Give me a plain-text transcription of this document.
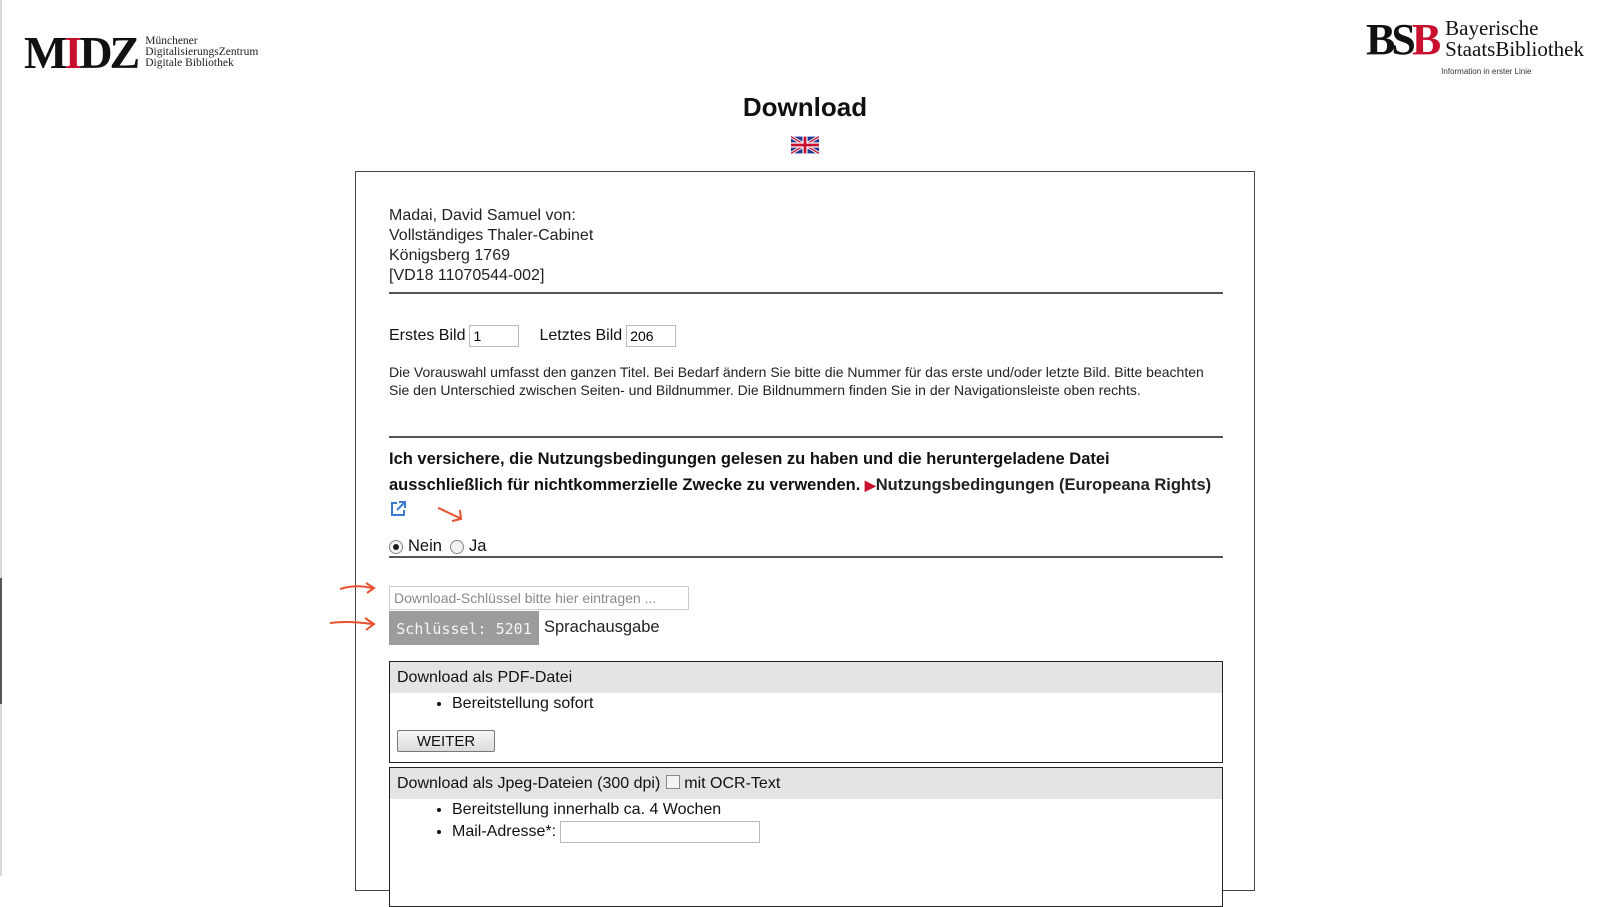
MIDZ Münchener
DigitalisierungsZentrum
Digitale Bibliothek	BSB Bayerische
StaatsBibliothek
Information in erster Linie
Download
Madai, David Samuel von:
Vollständiges Thaler-Cabinet
Königsberg 1769
[VD18 11070544-002]
Erstes Bild
1	Letztes Bild
206
Die Vorauswahl umfasst den ganzen Titel. Bei Bedarf ändern Sie bitte die Nummer für das erste und/oder letzte Bild. Bitte beachten Sie den Unterschied zwischen Seiten- und Bildnummer. Die Bildnummern finden Sie in der Navigationsleiste oben rechts.
Ich versichere, die Nutzungsbedingungen gelesen zu haben und die heruntergeladene Datei ausschließlich für nichtkommerzielle Zwecke zu verwenden. ▶Nutzungsbedingungen (Europeana Rights)
Nein Ja
Download-Schlüssel bitte hier eintragen ...
Schlüssel: 5201 Sprachausgabe
Download als PDF-Datei
• Bereitstellung sofort
WEITER
Download als Jpeg-Dateien (300 dpi) mit OCR-Text
• Bereitstellung innerhalb ca. 4 Wochen
• Mail-Adresse*:
